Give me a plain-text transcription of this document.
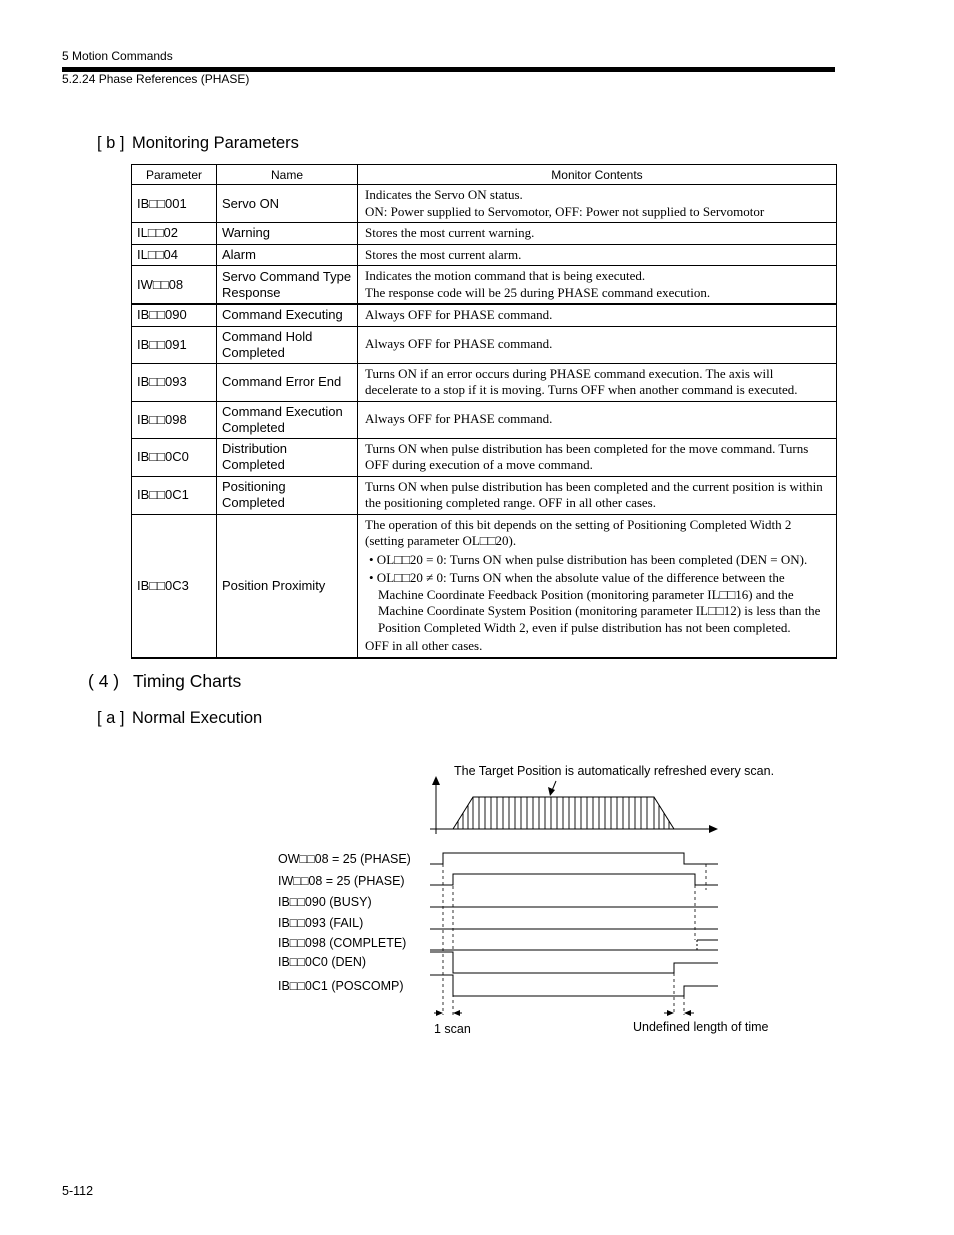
5 Motion Commands
5.2.24 Phase References (PHASE)
[ b ] Monitoring Parameters
Parameter	Name	Monitor Contents
IB□□001	Servo ON	Indicates the Servo ON status.
ON: Power supplied to Servomotor, OFF: Power not supplied to Servomotor
IL□□02	Warning	Stores the most current warning.
IL□□04	Alarm	Stores the most current alarm.
IW□□08	Servo Command Type Response	Indicates the motion command that is being executed.
The response code will be 25 during PHASE command execution.
IB□□090	Command Executing	Always OFF for PHASE command.
IB□□091	Command Hold Completed	Always OFF for PHASE command.
IB□□093	Command Error End	Turns ON if an error occurs during PHASE command execution. The axis will decelerate to a stop if it is moving. Turns OFF when another command is executed.
IB□□098	Command Execution Completed	Always OFF for PHASE command.
IB□□0C0	Distribution Completed	Turns ON when pulse distribution has been completed for the move command. Turns OFF during execution of a move command.
IB□□0C1	Positioning Completed	Turns ON when pulse distribution has been completed and the current position is within the positioning completed range. OFF in all other cases.
IB□□0C3	Position Proximity	The operation of this bit depends on the setting of Positioning Completed Width 2 (setting parameter OL□□20).
• OL□□20 = 0: Turns ON when pulse distribution has been completed (DEN = ON).
• OL□□20 ≠ 0: Turns ON when the absolute value of the difference between the Machine Coordinate Feedback Position (monitoring parameter IL□□16) and the Machine Coordinate System Position (monitoring parameter IL□□12) is less than the Position Completed Width 2, even if pulse distribution has not been completed.
OFF in all other cases.
( 4 ) Timing Charts
[ a ] Normal Execution
The Target Position is automatically refreshed every scan.
OW□□08 = 25 (PHASE)
IW□□08 = 25 (PHASE)
IB□□090 (BUSY)
IB□□093 (FAIL)
IB□□098 (COMPLETE)
IB□□0C0 (DEN)
IB□□0C1 (POSCOMP)
1 scan	Undefined length of time
5-112
